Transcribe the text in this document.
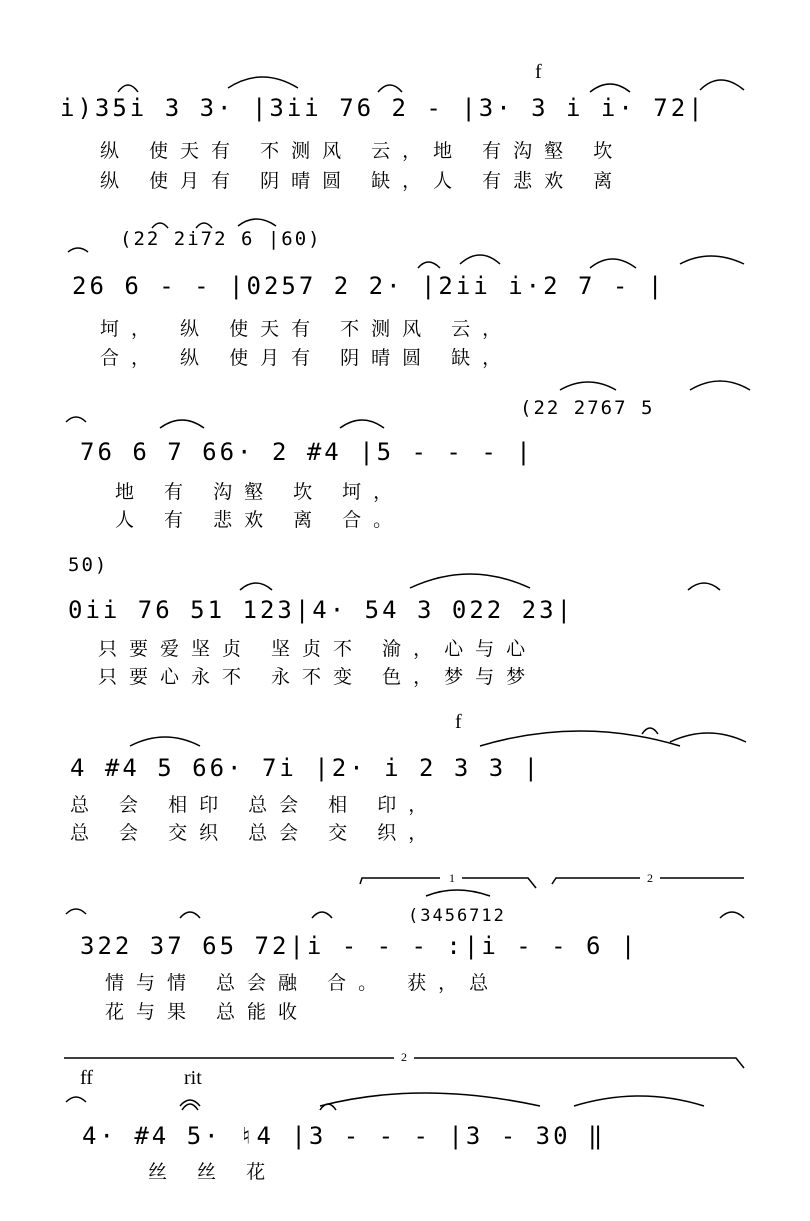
f
i)35i 3 3· |3ii 76 2 - |3· 3 i i· 72|
纵 使天有 不测风 云，地 有沟壑 坎
纵 使月有 阴晴圆 缺，人 有悲欢 离
(22 2i72 6 |60)
26 6 - - |0257 2 2· |2ii i·2 7 - |
坷， 纵 使天有 不测风 云，
合， 纵 使月有 阴晴圆 缺，
(22 2767 5
76 6 7 66· 2 #4 |5 - - - |
地 有 沟壑 坎 坷，
人 有 悲欢 离 合。
50)
0ii 76 51 123|4· 54 3 022 23|
只要爱坚贞 坚贞不 渝，心与心
只要心永不 永不变 色，梦与梦
f
4 #4 5 66· 7i |2· i 2 3 3 |
总 会 相印 总会 相 印，
总 会 交织 总会 交 织，
1	2
(3456712
322 37 65 72|i - - - :|i - - 6 |
情与情 总会融 合。 获，总
花与果 总能收
2
ff	rit
4· #4 5· ♮4 |3 - - - |3 - 30 ‖
丝 丝 花
